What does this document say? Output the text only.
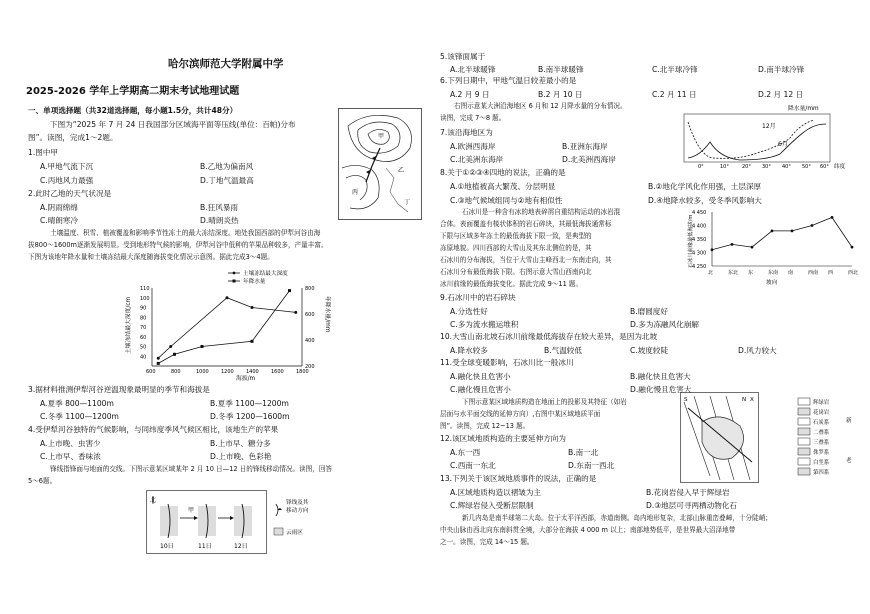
哈尔滨师范大学附属中学
2025-2026 学年上学期高二期末考试地理试题
一、单项选择题（共32道选择题，每小题1.5分，共计48分）
下图为“2025 年 7 月 24 日我国部分区域海平面等压线(单位：百帕)分布
图”。读图，完成1～2题。	甲
丙
乙
丁
1.图中甲
A.甲地气流下沉	B.乙地为偏南风
C.丙地风力最强	D.丁地气温最高
2.此时乙地的天气状况是
A.阴雨绵绵	B.狂风暴雨
C.晴朗寒冷	D.晴朗炎热
土壤温度、积雪、植被覆盖和影响季节性冻土的最大冻结深度。地处我国西部的伊犁河谷由海
拔800～1600m逐渐发展明显。受到地形特气候的影响，伊犁河谷中低种的苹果品种较多，产量丰富。
下图为该地年降水量和土壤冻结最大深度随海拔变化情况示意图。据此完成3～4题。
600	800	1000 1200 1400 1600 1800
40
50
60
70
80
90
100
110
200
400
600
800
土壤冻结最大深度/cm	年降水量/mm
海拔/m
土壤冻结最大深度
年降水量
3.据材料推测伊犁河谷逆温现象最明显的季节和海拔是
A.夏季 800—1100m	B.夏季 1100—1200m
C.冬季 1100—1200m	D.冬季 1200—1600m
4.受伊犁河谷独特的气候影响，与同纬度季风气候区相比，该地生产的苹果
A.上市晚、虫害少	B.上市早、糖分多
C.上市早、香味浓	D.上市晚、色彩艳
锋线指锋面与地面的交线。下图示意某区域某年 2 月 10 日—12 日的锋线移动情况。读图，回答
5～6题。
北
甲
10日	11日	12日
锋线及其
移动方向
云雨区
5.该锋面属于
A.北半球暖锋	B.南半球暖锋	C.北半球冷锋	D.南半球冷锋
6.下列日期中，甲地气温日较差最小的是
A.2 月 9 日	B.2 月 10 日	C.2 月 11 日	D.2 月 12 日
右图示意某大洲沿海地区 6 月和 12 月降水量的分布情况。
读图，完成 7～8 题。
降水量/mm
12月
6月
0°	10°	20° 30° 40° 50° 60° 纬度
7.该沿海地区为
A.欧洲西海岸	B.亚洲东海岸
C.北美洲东海岸	D.北美洲西海岸
8.关于①②③④四地的说法，正确的是
A.①地植被高大繁茂、分层明显	B.②地化学风化作用强，土层深厚
C.③地气候域组同与②地有相似性	D.④地降水较多，受冬季风影响大
石冰川是一种含有冰的地表碎屑自重结构运动的冰岩混
合体。表面覆盖有棱状体积的岩石碎块，其最低海拔通常标
下限与区域多年冻土的最低海拔下限一致，是典型的
冻原地貌。四川西部的大雪山及其东北侧位的是，其
石冰川的分布海拔，当位于大雪山主峰西北一东南走向，其
石冰川分布最低海拔下限。右图示意大雪山西南向北
冰川前缘的最低海拔变化。据此完成 9～11 题。
4 450
4 400
4 350
4 300
4 250
北	东北 东	东南 南	西南 西	西北
石冰川前缘最低海拔/m
坡向
9.石冰川中的岩石碎块
A.分选性好	B.磨圆度好
C.多为流水搬运堆积	D.多为冻融风化崩解
10.大雪山南北坡石冰川前缘最低海拔存在较大差异，是因为北坡
A.降水较多	B.气温较低	C.坡度较陡	D.风力较大
11.受全球变暖影响，石冰川比一般冰川
A.融化快且危害小	B.融化快且危害大
C.融化慢且危害小	D.融化慢且危害大
下图示意某区域地质构造在地面上的投影及其特征（如岩
层面与水平面交线的延伸方向）,右图中某区域地质平面
图”。读图，完成 12~13 题。
S	N X	辉绿岩
花岗岩
石炭系
二叠系
三叠系
侏罗系
白垩系
第四系
新
老
12.该区域地质构造的主要延伸方向为
A.东一西	B.南一北
C.西南一东北	D.东南一西北
13.下列关于该区域地质事件的说法，正确的是
A.区域地质构造以褶皱为主	B.花岗岩侵入早于辉绿岩
C.辉绿岩侵入受断层限制	D.③地层可寻两栖动物化石
新几内岛是南半球第二大岛。位于太平洋西部，赤道南侧。岛内地形复杂，北部山脉重峦叠嶂，十分陡峭；
中央山脉由西北向东南斜贯全境，大部分在海拔 4 000 m 以上；南部地势低平，是世界最大沼泽地带
之一。读图，完成 14～15 题。
